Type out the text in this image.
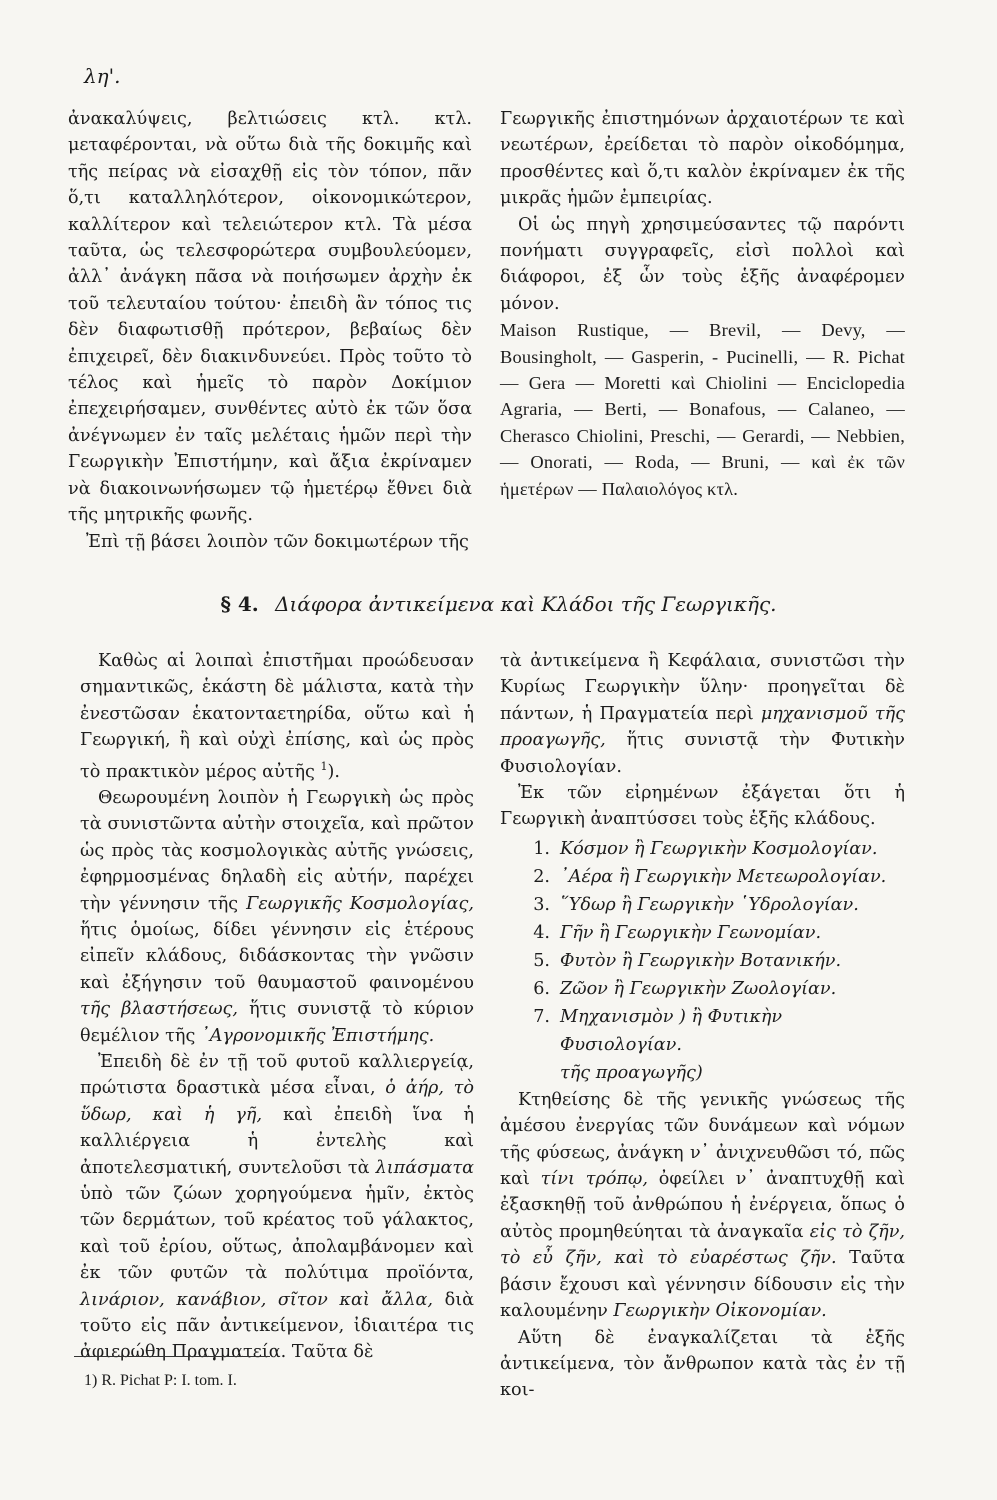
λη'.

ἀνακαλύψεις, βελτιώσεις κτλ. κτλ. μεταφέρονται, νὰ οὕτω διὰ τῆς δοκιμῆς καὶ τῆς πείρας νὰ εἰσαχθῇ εἰς τὸν τόπον, πᾶν ὅ,τι καταλληλότερον, οἰκονομικώτερον, καλλίτερον καὶ τελειώτερον κτλ. Τὰ μέσα ταῦτα, ὡς τελεσφορώτερα συμβουλεύομεν, ἀλλ᾽ ἀνάγκη πᾶσα νὰ ποιήσωμεν ἀρχὴν ἐκ τοῦ τελευταίου τούτου· ἐπειδὴ ἂν τόπος τις δὲν διαφωτισθῇ πρότερον, βεβαίως δὲν ἐπιχειρεῖ, δὲν διακινδυνεύει. Πρὸς τοῦτο τὸ τέλος καὶ ἡμεῖς τὸ παρὸν Δοκίμιον ἐπεχειρήσαμεν, συνθέντες αὐτὸ ἐκ τῶν ὅσα ἀνέγνωμεν ἐν ταῖς μελέταις ἡμῶν περὶ τὴν Γεωργικὴν Ἐπιστήμην, καὶ ἄξια ἐκρίναμεν νὰ διακοινωνήσωμεν τῷ ἡμετέρῳ ἔθνει διὰ τῆς μητρικῆς φωνῆς.

Ἐπὶ τῇ βάσει λοιπὸν τῶν δοκιμωτέρων τῆς

Γεωργικῆς ἐπιστημόνων ἀρχαιοτέρων τε καὶ νεωτέρων, ἐρείδεται τὸ παρὸν οἰκοδόμημα, προσθέντες καὶ ὅ,τι καλὸν ἐκρίναμεν ἐκ τῆς μικρᾶς ἡμῶν ἐμπειρίας.

Οἱ ὡς πηγὴ χρησιμεύσαντες τῷ παρόντι πονήματι συγγραφεῖς, εἰσὶ πολλοὶ καὶ διάφοροι, ἐξ ὧν τοὺς ἑξῆς ἀναφέρομεν μόνον.

Maison Rustique, — Brevil, — Devy, — Bousingholt, — Gasperin, - Pucinelli, — R. Pichat — Gera — Moretti καὶ Chiolini — Enciclopedia Agraria, — Berti, — Bonafous, — Calaneo, — Cherasco Chiolini, Preschi, — Gerardi, — Nebbien, — Onorati, — Roda, — Bruni, — καὶ ἐκ τῶν ἡμετέρων — Παλαιολόγος κτλ.

§ 4. Διάφορα ἀντικείμενα καὶ Κλάδοι τῆς Γεωργικῆς.

Καθὼς αἱ λοιπαὶ ἐπιστῆμαι προώδευσαν σημαντικῶς, ἑκάστη δὲ μάλιστα, κατὰ τὴν ἐνεστῶσαν ἑκατονταετηρίδα, οὕτω καὶ ἡ Γεωργική, ἢ καὶ οὐχὶ ἐπίσης, καὶ ὡς πρὸς τὸ πρακτικὸν μέρος αὐτῆς $^1$).

Θεωρουμένη λοιπὸν ἡ Γεωργικὴ ὡς πρὸς τὰ συνιστῶντα αὐτὴν στοιχεῖα, καὶ πρῶτον ὡς πρὸς τὰς κοσμολογικὰς αὐτῆς γνώσεις, ἐφηρμοσμένας δηλαδὴ εἰς αὐτήν, παρέχει τὴν γέννησιν τῆς Γεωργικῆς Κοσμολογίας, ἥτις ὁμοίως, δίδει γέννησιν εἰς ἑτέρους εἰπεῖν κλάδους, διδάσκοντας τὴν γνῶσιν καὶ ἐξήγησιν τοῦ θαυμαστοῦ φαινομένου τῆς βλαστήσεως, ἥτις συνιστᾷ τὸ κύριον θεμέλιον τῆς ᾽Αγρονομικῆς Ἐπιστήμης.

Ἐπειδὴ δὲ ἐν τῇ τοῦ φυτοῦ καλλιεργείᾳ, πρώτιστα δραστικὰ μέσα εἶναι, ὁ ἀήρ, τὸ ὕδωρ, καὶ ἡ γῆ, καὶ ἐπειδὴ ἵνα ἡ καλλιέργεια ἡ ἐντελὴς καὶ ἀποτελεσματική, συντελοῦσι τὰ λιπάσματα ὑπὸ τῶν ζώων χορηγούμενα ἡμῖν, ἐκτὸς τῶν δερμάτων, τοῦ κρέατος τοῦ γάλακτος, καὶ τοῦ ἐρίου, οὕτως, ἀπολαμβάνομεν καὶ ἐκ τῶν φυτῶν τὰ πολύτιμα προϊόντα, λινάριον, κανάβιον, σῖτον καὶ ἄλλα, διὰ τοῦτο εἰς πᾶν ἀντικείμενον, ἰδιαιτέρα τις ἀφιερώθη Πραγματεία. Ταῦτα δὲ

τὰ ἀντικείμενα ἢ Κεφάλαια, συνιστῶσι τὴν Κυρίως Γεωργικὴν ὕλην· προηγεῖται δὲ πάντων, ἡ Πραγματεία περὶ μηχανισμοῦ τῆς προαγωγῆς, ἥτις συνιστᾷ τὴν Φυτικὴν Φυσιολογίαν.

Ἐκ τῶν εἰρημένων ἐξάγεται ὅτι ἡ Γεωργικὴ ἀναπτύσσει τοὺς ἑξῆς κλάδους.

1. Κόσμον ἢ Γεωργικὴν Κοσμολογίαν.
2. ᾽Αέρα ἢ Γεωργικὴν Μετεωρολογίαν.
3. ῞Υδωρ ἢ Γεωργικὴν ῾Υδρολογίαν.
4. Γῆν ἢ Γεωργικὴν Γεωνομίαν.
5. Φυτὸν ἢ Γεωργικὴν Βοτανικήν.
6. Ζῶον ἢ Γεωργικὴν Ζωολογίαν.
7. Μηχανισμὸν ) ἢ Φυτικὴν Φυσιολογίαν.
τῆς προαγωγῆς)

Κτηθείσης δὲ τῆς γενικῆς γνώσεως τῆς ἀμέσου ἐνεργίας τῶν δυνάμεων καὶ νόμων τῆς φύσεως, ἀνάγκη ν᾽ ἀνιχνευθῶσι τό, πῶς καὶ τίνι τρόπῳ, ὀφείλει ν᾽ ἀναπτυχθῇ καὶ ἐξασκηθῇ τοῦ ἀνθρώπου ἡ ἐνέργεια, ὅπως ὁ αὐτὸς προμηθεύηται τὰ ἀναγκαῖα εἰς τὸ ζῆν, τὸ εὖ ζῆν, καὶ τὸ εὐαρέστως ζῆν. Ταῦτα βάσιν ἔχουσι καὶ γέννησιν δίδουσιν εἰς τὴν καλουμένην Γεωργικὴν Οἰκονομίαν.

Αὕτη δὲ ἐναγκαλίζεται τὰ ἑξῆς ἀντικείμενα, τὸν ἄνθρωπον κατὰ τὰς ἐν τῇ κοι-

1) R. Pichat P: I. tom. I.
